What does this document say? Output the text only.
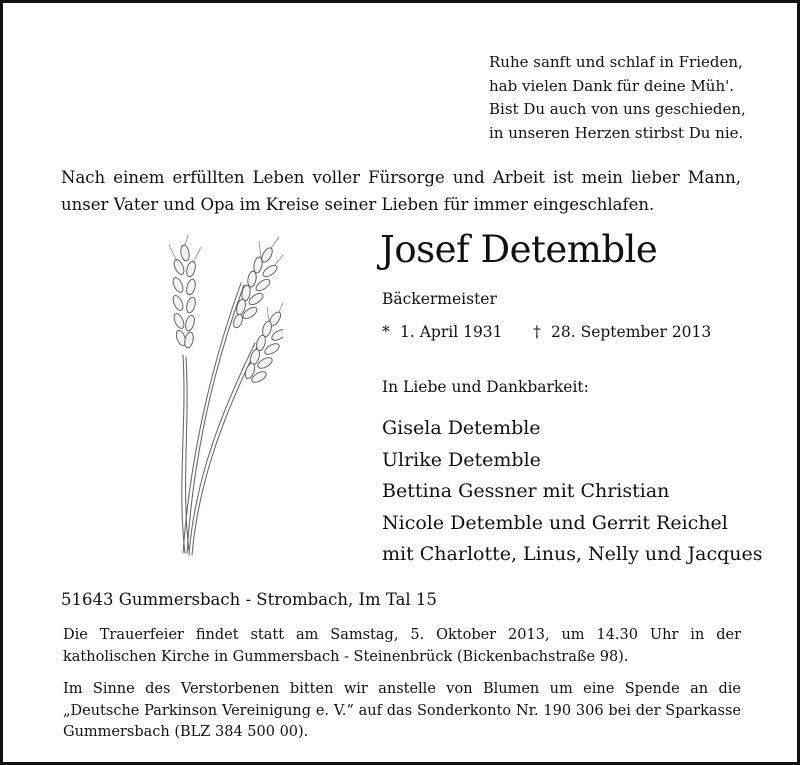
Ruhe sanft und schlaf in Frieden,
hab vielen Dank für deine Müh'.
Bist Du auch von uns geschieden,
in unseren Herzen stirbst Du nie.
Nach einem erfüllten Leben voller Fürsorge und Arbeit ist mein lieber Mann,
unser Vater und Opa im Kreise seiner Lieben für immer eingeschlafen.
Josef Detemble
Bäckermeister
* 1. April 1931 † 28. September 2013
In Liebe und Dankbarkeit:
Gisela Detemble
Ulrike Detemble
Bettina Gessner mit Christian
Nicole Detemble und Gerrit Reichel
mit Charlotte, Linus, Nelly und Jacques
51643 Gummersbach - Strombach, Im Tal 15
Die Trauerfeier findet statt am Samstag, 5. Oktober 2013, um 14.30 Uhr in der katholischen Kirche in Gummersbach - Steinenbrück (Bickenbachstraße 98).
Im Sinne des Verstorbenen bitten wir anstelle von Blumen um eine Spende an die
„Deutsche Parkinson Vereinigung e. V.“ auf das Sonderkonto Nr. 190 306 bei der Sparkasse
Gummersbach (BLZ 384 500 00).
